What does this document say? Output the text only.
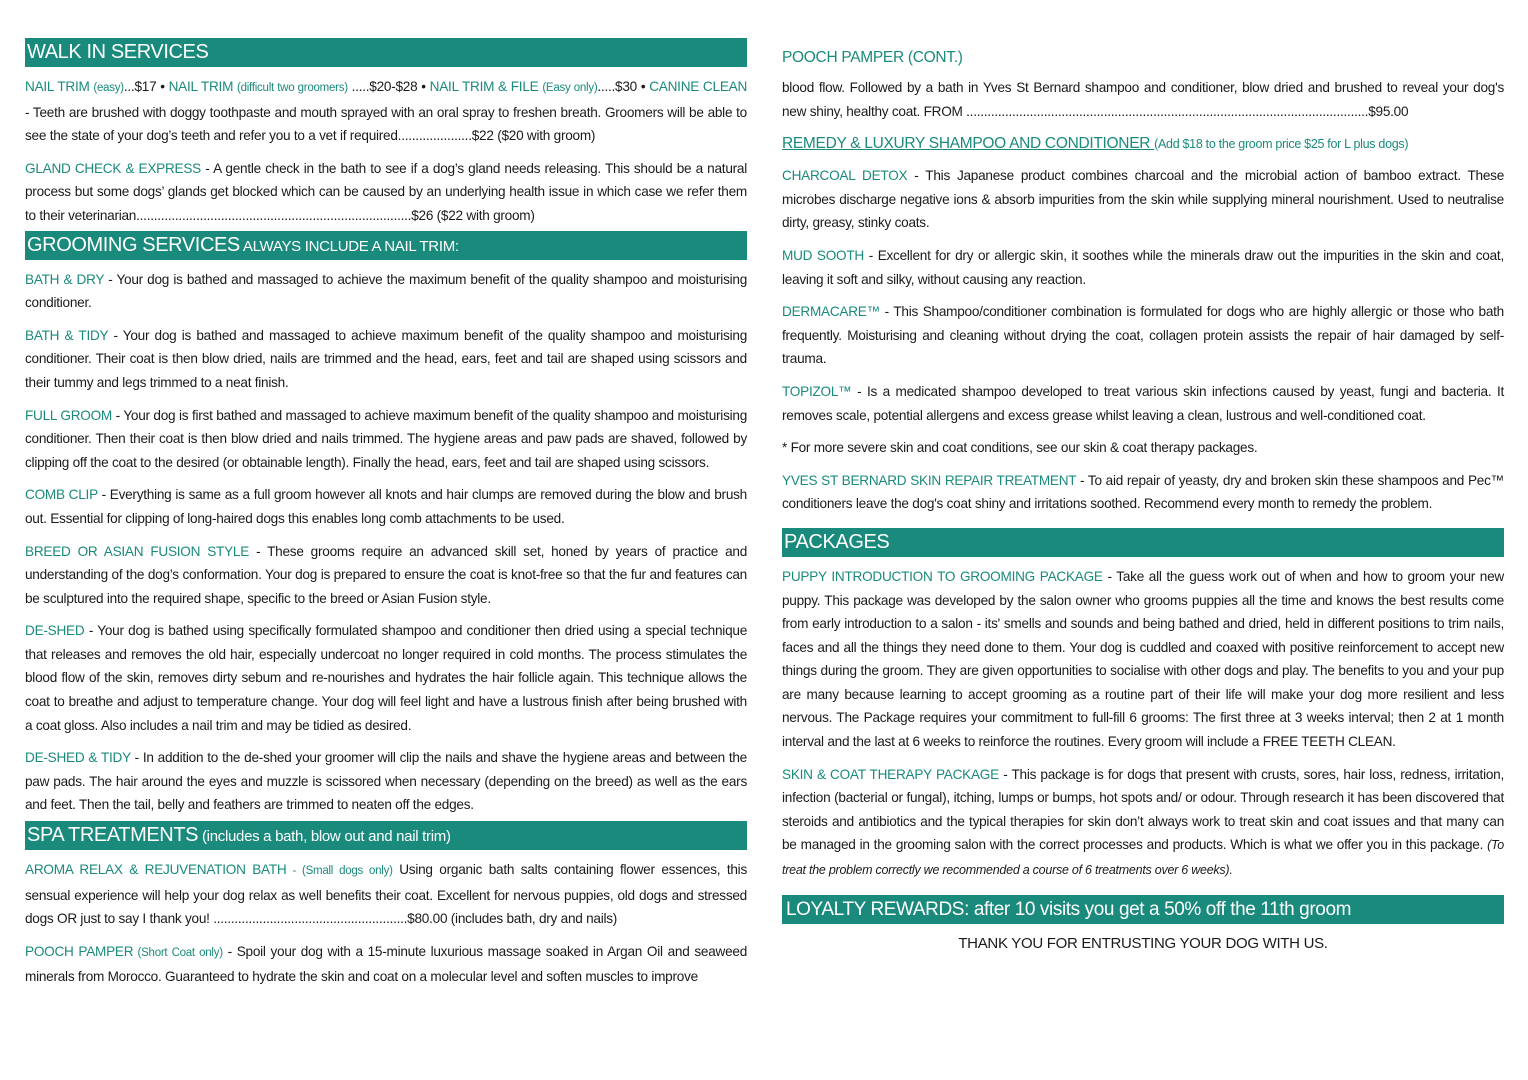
WALK IN SERVICES

NAIL TRIM (easy)...$17 • NAIL TRIM (difficult two groomers) .....$20-$28 • NAIL TRIM & FILE (Easy only).....$30 • CANINE CLEAN - Teeth are brushed with doggy toothpaste and mouth sprayed with an oral spray to freshen breath. Groomers will be able to see the state of your dog’s teeth and refer you to a vet if required.....................$22 ($20 with groom)

GLAND CHECK & EXPRESS - A gentle check in the bath to see if a dog’s gland needs releasing. This should be a natural process but some dogs’ glands get blocked which can be caused by an underlying health issue in which case we refer them to their veterinarian..............................................................................$26 ($22 with groom)

GROOMING SERVICES ALWAYS INCLUDE A NAIL TRIM:

BATH & DRY - Your dog is bathed and massaged to achieve the maximum benefit of the quality shampoo and moisturising conditioner.

BATH & TIDY - Your dog is bathed and massaged to achieve maximum benefit of the quality shampoo and moisturising conditioner. Their coat is then blow dried, nails are trimmed and the head, ears, feet and tail are shaped using scissors and their tummy and legs trimmed to a neat finish.

FULL GROOM - Your dog is first bathed and massaged to achieve maximum benefit of the quality shampoo and moisturising conditioner. Then their coat is then blow dried and nails trimmed. The hygiene areas and paw pads are shaved, followed by clipping off the coat to the desired (or obtainable length). Finally the head, ears, feet and tail are shaped using scissors.

COMB CLIP - Everything is same as a full groom however all knots and hair clumps are removed during the blow and brush out. Essential for clipping of long-haired dogs this enables long comb attachments to be used.

BREED OR ASIAN FUSION STYLE - These grooms require an advanced skill set, honed by years of practice and understanding of the dog’s conformation. Your dog is prepared to ensure the coat is knot-free so that the fur and features can be sculptured into the required shape, specific to the breed or Asian Fusion style.

DE-SHED - Your dog is bathed using specifically formulated shampoo and conditioner then dried using a special technique that releases and removes the old hair, especially undercoat no longer required in cold months. The process stimulates the blood flow of the skin, removes dirty sebum and re-nourishes and hydrates the hair follicle again. This technique allows the coat to breathe and adjust to temperature change. Your dog will feel light and have a lustrous finish after being brushed with a coat gloss. Also includes a nail trim and may be tidied as desired.

DE-SHED & TIDY - In addition to the de-shed your groomer will clip the nails and shave the hygiene areas and between the paw pads. The hair around the eyes and muzzle is scissored when necessary (depending on the breed) as well as the ears and feet. Then the tail, belly and feathers are trimmed to neaten off the edges.

SPA TREATMENTS (includes a bath, blow out and nail trim)

AROMA RELAX & REJUVENATION BATH - (Small dogs only) Using organic bath salts containing flower essences, this sensual experience will help your dog relax as well benefits their coat. Excellent for nervous puppies, old dogs and stressed dogs OR just to say I thank you! .......................................................$80.00 (includes bath, dry and nails)

POOCH PAMPER (Short Coat only) - Spoil your dog with a 15-minute luxurious massage soaked in Argan Oil and seaweed minerals from Morocco. Guaranteed to hydrate the skin and coat on a molecular level and soften muscles to improve

POOCH PAMPER (CONT.)

blood flow. Followed by a bath in Yves St Bernard shampoo and conditioner, blow dried and brushed to reveal your dog's new shiny, healthy coat. FROM ..................................................................................................................$95.00

REMEDY & LUXURY SHAMPOO AND CONDITIONER (Add $18 to the groom price $25 for L plus dogs)

CHARCOAL DETOX - This Japanese product combines charcoal and the microbial action of bamboo extract. These microbes discharge negative ions & absorb impurities from the skin while supplying mineral nourishment. Used to neutralise dirty, greasy, stinky coats.

MUD SOOTH - Excellent for dry or allergic skin, it soothes while the minerals draw out the impurities in the skin and coat, leaving it soft and silky, without causing any reaction.

DERMACARE™ - This Shampoo/conditioner combination is formulated for dogs who are highly allergic or those who bath frequently. Moisturising and cleaning without drying the coat, collagen protein assists the repair of hair damaged by self-trauma.

TOPIZOL™ - Is a medicated shampoo developed to treat various skin infections caused by yeast, fungi and bacteria. It removes scale, potential allergens and excess grease whilst leaving a clean, lustrous and well-conditioned coat.

* For more severe skin and coat conditions, see our skin & coat therapy packages.

YVES ST BERNARD SKIN REPAIR TREATMENT - To aid repair of yeasty, dry and broken skin these shampoos and Pec™ conditioners leave the dog's coat shiny and irritations soothed. Recommend every month to remedy the problem.

PACKAGES

PUPPY INTRODUCTION TO GROOMING PACKAGE - Take all the guess work out of when and how to groom your new puppy. This package was developed by the salon owner who grooms puppies all the time and knows the best results come from early introduction to a salon - its' smells and sounds and being bathed and dried, held in different positions to trim nails, faces and all the things they need done to them. Your dog is cuddled and coaxed with positive reinforcement to accept new things during the groom. They are given opportunities to socialise with other dogs and play. The benefits to you and your pup are many because learning to accept grooming as a routine part of their life will make your dog more resilient and less nervous. The Package requires your commitment to full-fill 6 grooms: The first three at 3 weeks interval; then 2 at 1 month interval and the last at 6 weeks to reinforce the routines. Every groom will include a FREE TEETH CLEAN.

SKIN & COAT THERAPY PACKAGE - This package is for dogs that present with crusts, sores, hair loss, redness, irritation, infection (bacterial or fungal), itching, lumps or bumps, hot spots and/ or odour. Through research it has been discovered that steroids and antibiotics and the typical therapies for skin don’t always work to treat skin and coat issues and that many can be managed in the grooming salon with the correct processes and products. Which is what we offer you in this package. (To treat the problem correctly we recommended a course of 6 treatments over 6 weeks).

LOYALTY REWARDS: after 10 visits you get a 50% off the 11th groom
THANK YOU FOR ENTRUSTING YOUR DOG WITH US.
